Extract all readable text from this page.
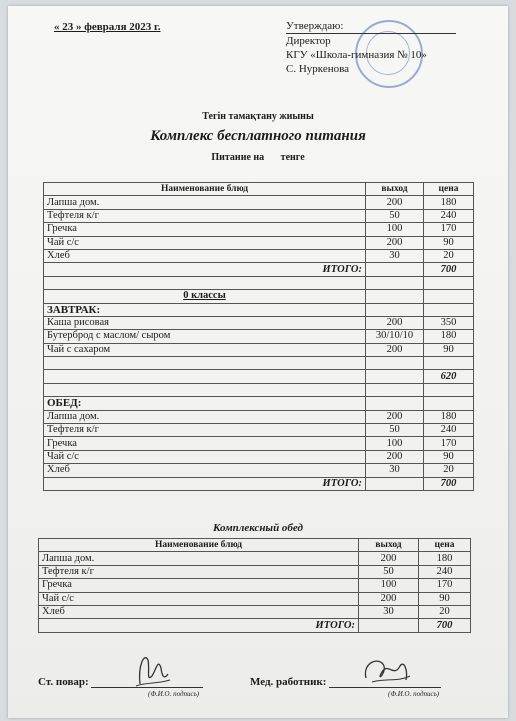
« 23 » февраля 2023 г.	Утверждаю:
Директор
КГУ «Школа-гимназия № 10»
С. Нуркенова
Тегін тамақтану жиыны
Комплекс бесплатного питания
Питание на тенге
Наименование блюд	выход	цена
Лапша дом.	200	180
Тефтеля к/г	50	240
Гречка	100	170
Чай с/с	200	90
Хлеб	30	20
ИТОГО:		700

0 классы		
ЗАВТРАК:		
Каша рисовая	200	350
Бутерброд с маслом/ сыром	30/10/10	180
Чай с сахаром	200	90

		620

ОБЕД:		
Лапша дом.	200	180
Тефтеля к/г	50	240
Гречка	100	170
Чай с/с	200	90
Хлеб	30	20
ИТОГО:		700
Комплексный обед
Наименование блюд	выход	цена
Лапша дом.	200	180
Тефтеля к/г	50	240
Гречка	100	170
Чай с/с	200	90
Хлеб	30	20
ИТОГО:		700
Ст. повар:
(Ф.И.О. подпись)
Мед. работник:
(Ф.И.О. подпись)
